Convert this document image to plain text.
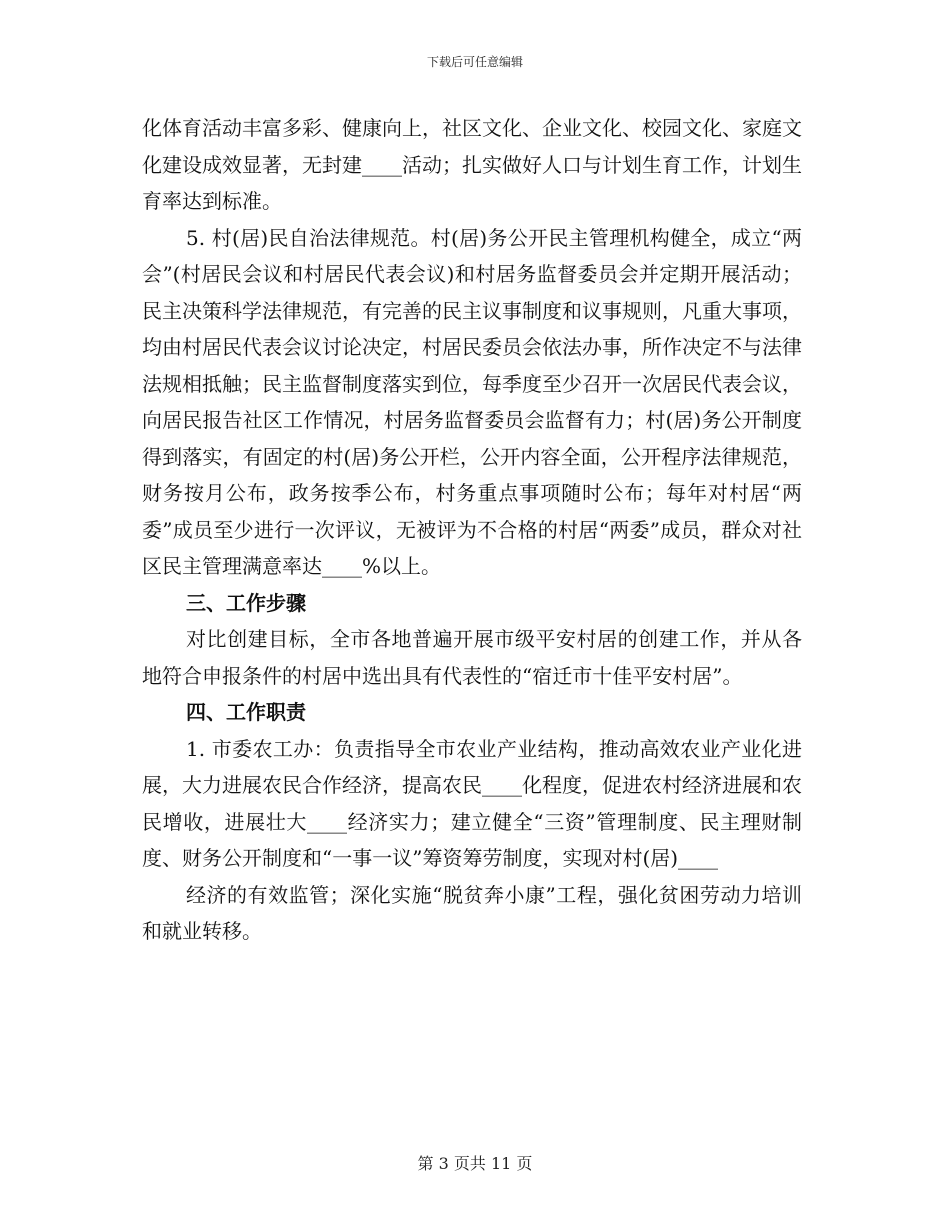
下载后可任意编辑

化体育活动丰富多彩、健康向上，社区文化、企业文化、校园文化、家庭文化建设成效显著，无封建____活动；扎实做好人口与计划生育工作，计划生育率达到标准。

5. 村(居)民自治法律规范。村(居)务公开民主管理机构健全，成立“两会”(村居民会议和村居民代表会议)和村居务监督委员会并定期开展活动；民主决策科学法律规范，有完善的民主议事制度和议事规则，凡重大事项，均由村居民代表会议讨论决定，村居民委员会依法办事，所作决定不与法律法规相抵触；民主监督制度落实到位，每季度至少召开一次居民代表会议，向居民报告社区工作情况，村居务监督委员会监督有力；村(居)务公开制度得到落实，有固定的村(居)务公开栏，公开内容全面，公开程序法律规范，财务按月公布，政务按季公布，村务重点事项随时公布；每年对村居“两委”成员至少进行一次评议，无被评为不合格的村居“两委”成员，群众对社区民主管理满意率达____%以上。

三、工作步骤

对比创建目标，全市各地普遍开展市级平安村居的创建工作，并从各地符合申报条件的村居中选出具有代表性的“宿迁市十佳平安村居”。

四、工作职责

1. 市委农工办：负责指导全市农业产业结构，推动高效农业产业化进展，大力进展农民合作经济，提高农民____化程度，促进农村经济进展和农民增收，进展壮大____经济实力；建立健全“三资”管理制度、民主理财制度、财务公开制度和“一事一议”筹资筹劳制度，实现对村(居)____

经济的有效监管；深化实施“脱贫奔小康”工程，强化贫困劳动力培训和就业转移。

第 3 页共 11 页
